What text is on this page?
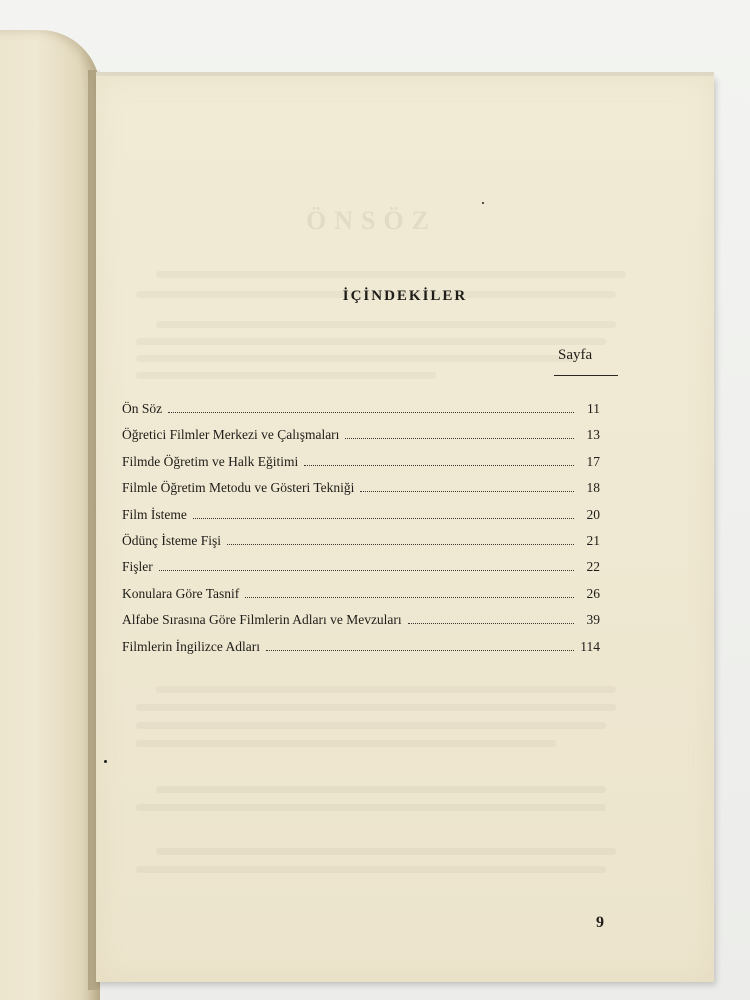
ÖNSÖZ
İÇİNDEKİLER
Sayfa
Ön Söz	11
Öğretici Filmler Merkezi ve Çalışmaları	13
Filmde Öğretim ve Halk Eğitimi	17
Filmle Öğretim Metodu ve Gösteri Tekniği	18
Film İsteme	20
Ödünç İsteme Fişi	21
Fişler	22
Konulara Göre Tasnif	26
Alfabe Sırasına Göre Filmlerin Adları ve Mevzuları	39
Filmlerin İngilizce Adları	114
9
